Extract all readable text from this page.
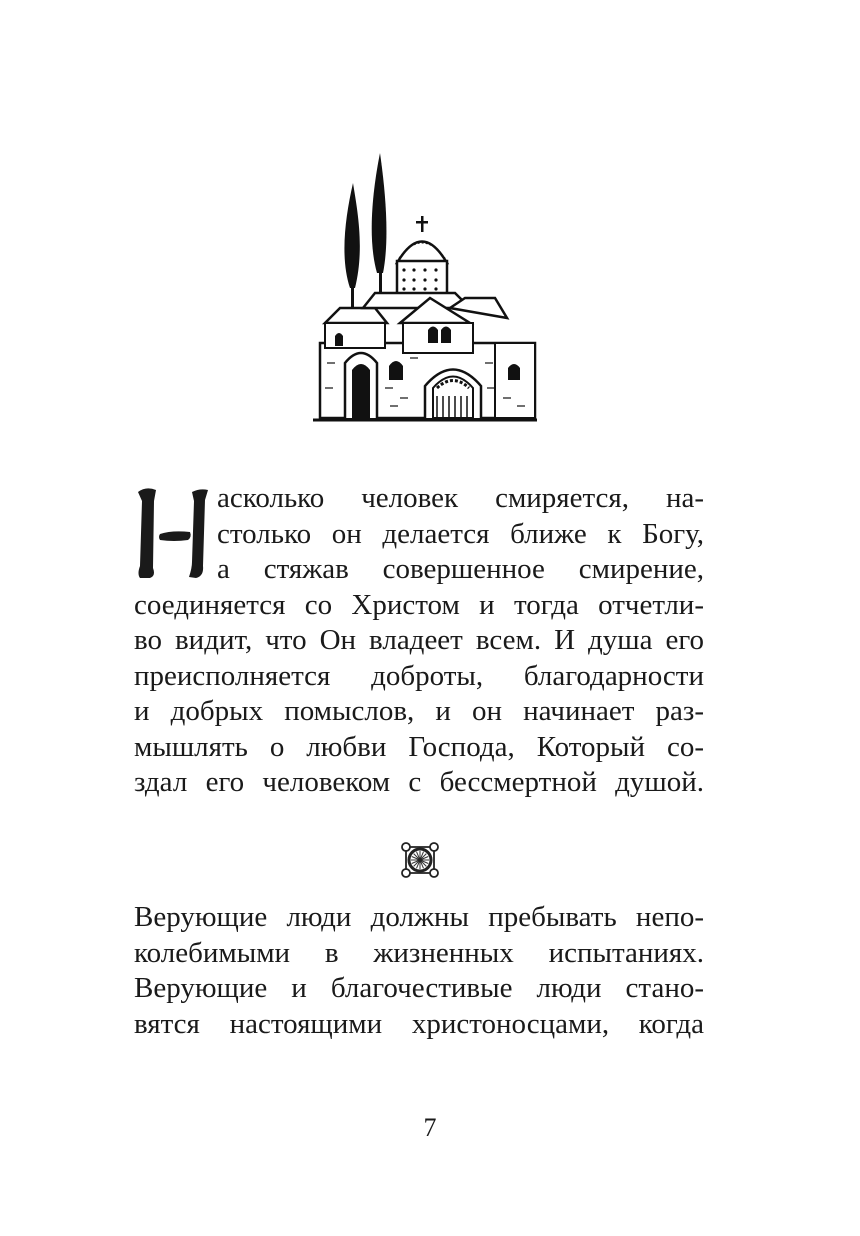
асколько человек смиряется, на-
столько он делается ближе к Богу,
а стяжав совершенное смирение,
соединяется со Христом и тогда отчетли-
во видит, что Он владеет всем. И душа его
преисполняется доброты, благодарности
и добрых помыслов, и он начинает раз-
мышлять о любви Господа, Который со-
здал его человеком с бессмертной душой.
Верующие люди должны пребывать непо-
колебимыми в жизненных испытаниях.
Верующие и благочестивые люди стано-
вятся настоящими христоносцами, когда
7
